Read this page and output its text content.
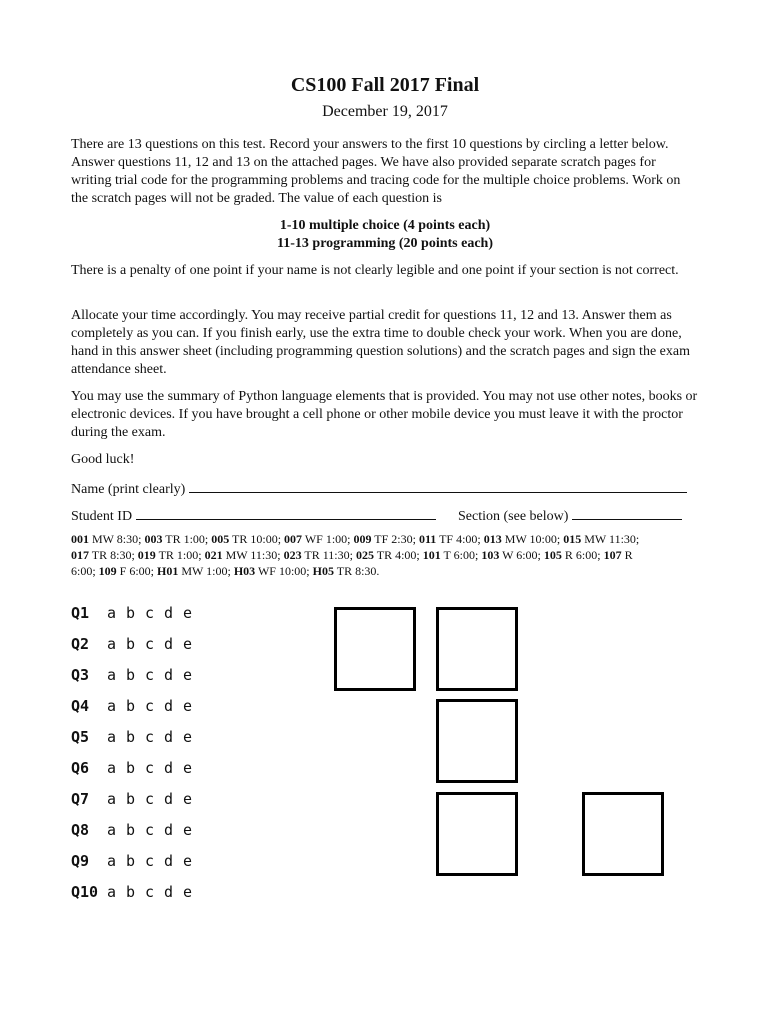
CS100 Fall 2017 Final
December 19, 2017

There are 13 questions on this test. Record your answers to the first 10 questions by circling a letter below. Answer questions 11, 12 and 13 on the attached pages. We have also provided separate scratch pages for writing trial code for the programming problems and tracing code for the multiple choice problems. Work on the scratch pages will not be graded. The value of each question is

1-10 multiple choice (4 points each)
11-13 programming (20 points each)

There is a penalty of one point if your name is not clearly legible and one point if your section is not correct.

Allocate your time accordingly. You may receive partial credit for questions 11, 12 and 13. Answer them as completely as you can. If you finish early, use the extra time to double check your work. When you are done, hand in this answer sheet (including programming question solutions) and the scratch pages and sign the exam attendance sheet.

You may use the summary of Python language elements that is provided. You may not use other notes, books or electronic devices. If you have brought a cell phone or other mobile device you must leave it with the proctor during the exam.

Good luck!

Name (print clearly)
Student ID	Section (see below)
001 MW 8:30; 003 TR 1:00; 005 TR 10:00; 007 WF 1:00; 009 TF 2:30; 011 TF 4:00; 013 MW 10:00; 015 MW 11:30; 017 TR 8:30; 019 TR 1:00; 021 MW 11:30; 023 TR 11:30; 025 TR 4:00; 101 T 6:00; 103 W 6:00; 105 R 6:00; 107 R 6:00; 109 F 6:00; H01 MW 1:00; H03 WF 10:00; H05 TR 8:30.
Q1 a b c d e
Q2 a b c d e
Q3 a b c d e
Q4 a b c d e
Q5 a b c d e
Q6 a b c d e
Q7 a b c d e
Q8 a b c d e
Q9 a b c d e
Q10 a b c d e
